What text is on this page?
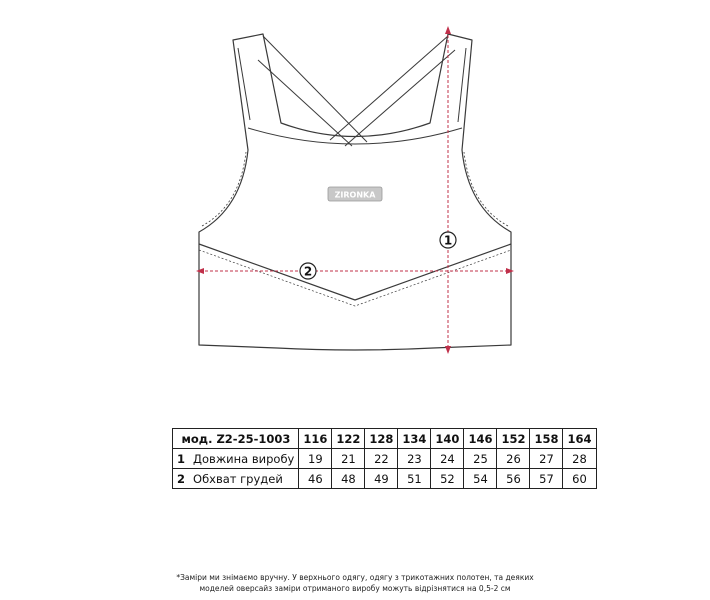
ZIRONKA
1
2
мод. Z2-25-1003		116	122	128	134	140	146	152	158	164
1	Довжина виробу	19	21	22	23	24	25	26	27	28
2	Обхват грудей	46	48	49	51	52	54	56	57	60
*Заміри ми знімаємо вручну. У верхнього одягу, одягу з трикотажних полотен, та деяких
моделей оверсайз заміри отриманого виробу можуть відрізнятися на 0,5-2 см
